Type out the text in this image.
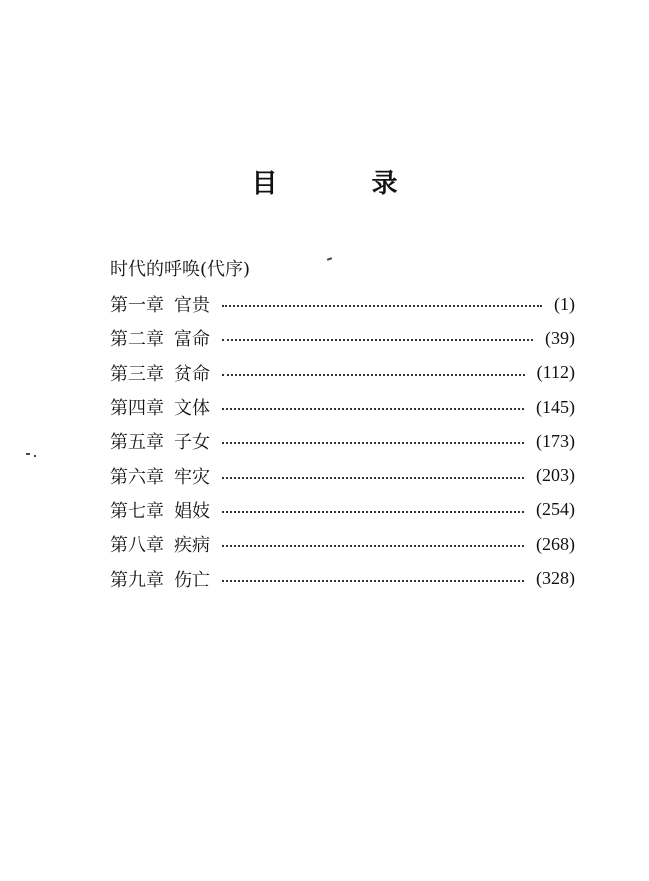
目　录
时代的呼唤(代序)
第一章 官贵	(1)
第二章 富命	(39)
第三章 贫命	(112)
第四章 文体	(145)
第五章 子女	(173)
第六章 牢灾	(203)
第七章 娼妓	(254)
第八章 疾病	(268)
第九章 伤亡	(328)
